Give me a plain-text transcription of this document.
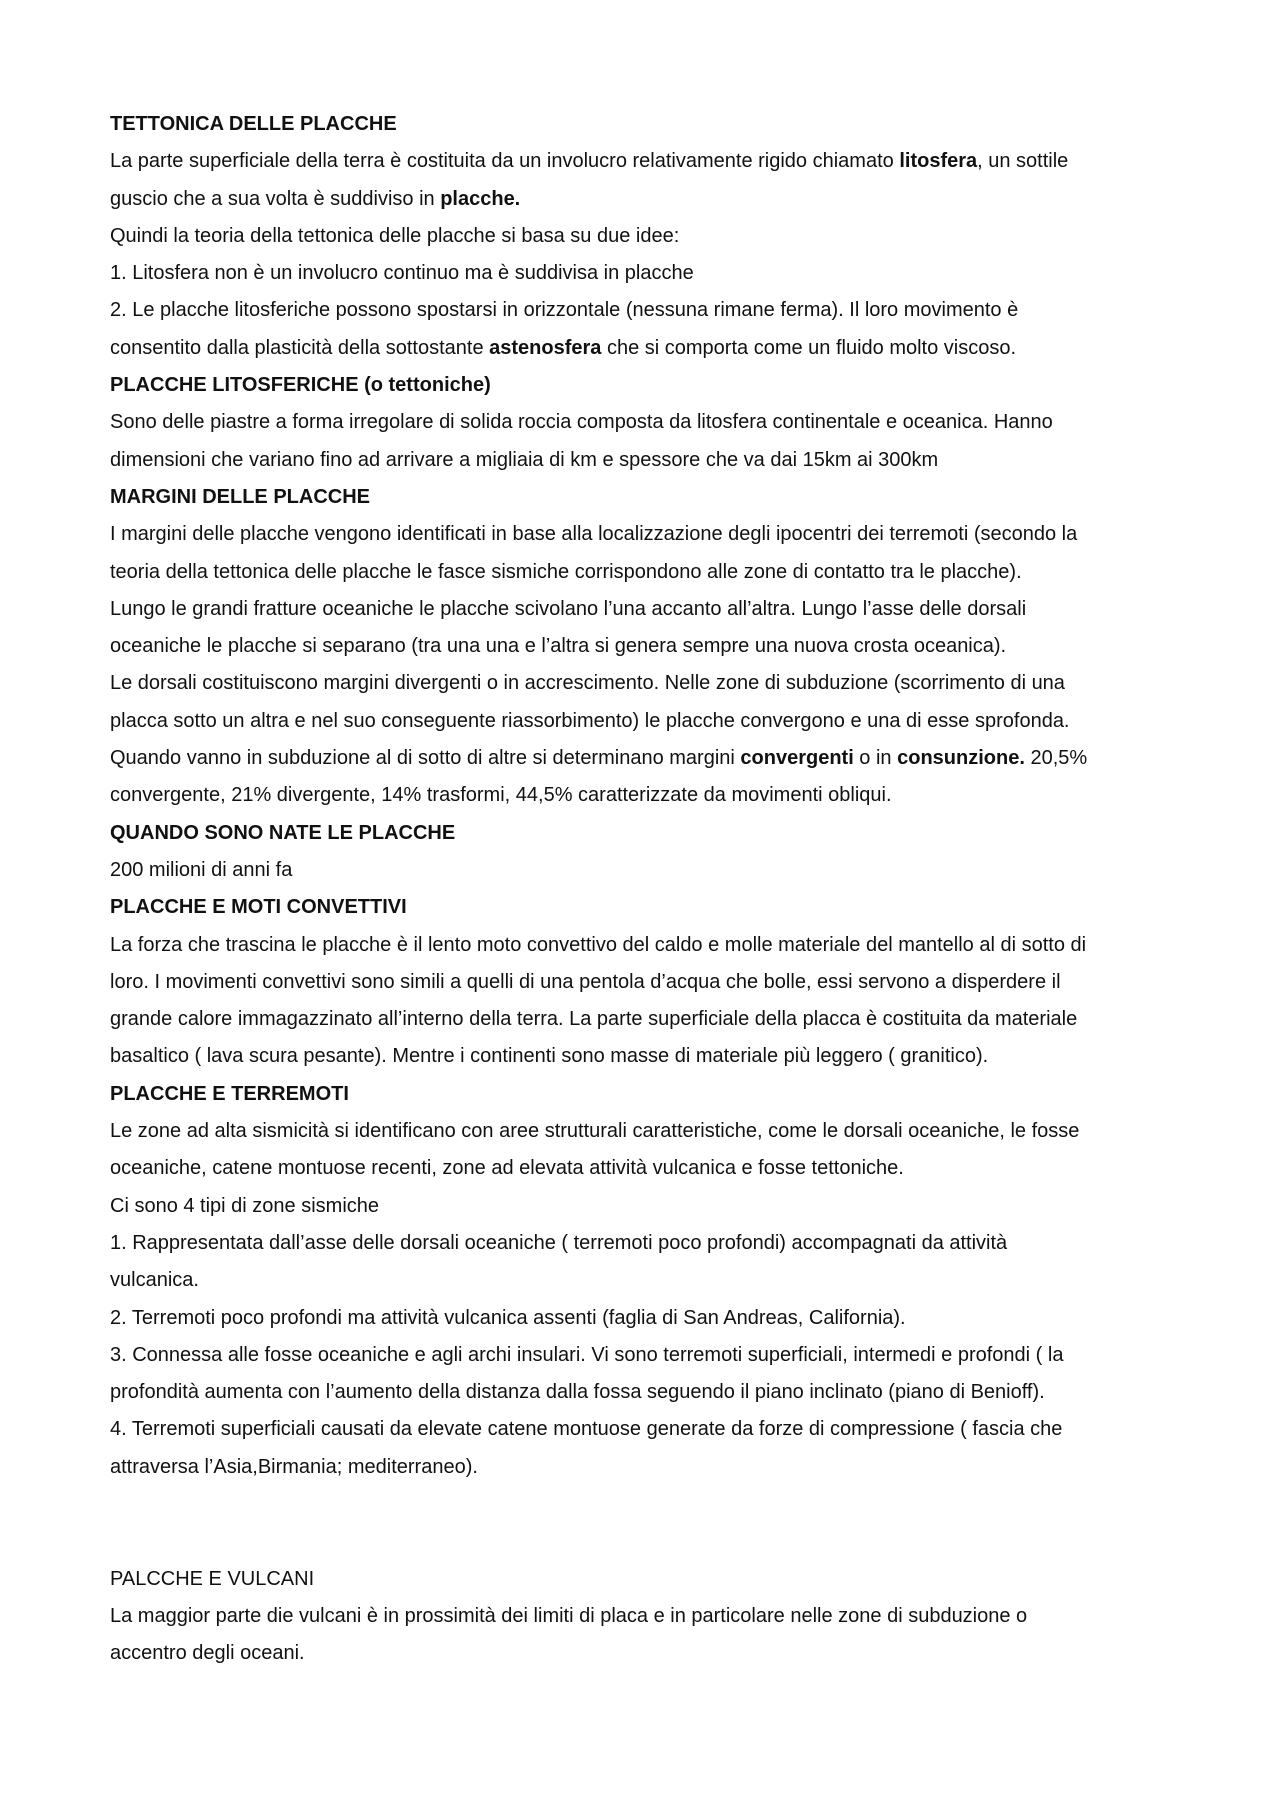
TETTONICA DELLE PLACCHE
La parte superficiale della terra è costituita da un involucro relativamente rigido chiamato litosfera, un sottile
guscio che a sua volta è suddiviso in placche.
Quindi la teoria della tettonica delle placche si basa su due idee:
1. Litosfera non è un involucro continuo ma è suddivisa in placche
2. Le placche litosferiche possono spostarsi in orizzontale (nessuna rimane ferma). Il loro movimento è
consentito dalla plasticità della sottostante astenosfera che si comporta come un fluido molto viscoso.
PLACCHE LITOSFERICHE (o tettoniche)
Sono delle piastre a forma irregolare di solida roccia composta da litosfera continentale e oceanica. Hanno
dimensioni che variano fino ad arrivare a migliaia di km e spessore che va dai 15km ai 300km
MARGINI DELLE PLACCHE
I margini delle placche vengono identificati in base alla localizzazione degli ipocentri dei terremoti (secondo la
teoria della tettonica delle placche le fasce sismiche corrispondono alle zone di contatto tra le placche).
Lungo le grandi fratture oceaniche le placche scivolano l’una accanto all’altra. Lungo l’asse delle dorsali
oceaniche le placche si separano (tra una una e l’altra si genera sempre una nuova crosta oceanica).
Le dorsali costituiscono margini divergenti o in accrescimento. Nelle zone di subduzione (scorrimento di una
placca sotto un altra e nel suo conseguente riassorbimento) le placche convergono e una di esse sprofonda.
Quando vanno in subduzione al di sotto di altre si determinano margini convergenti o in consunzione. 20,5%
convergente, 21% divergente, 14% trasformi, 44,5% caratterizzate da movimenti obliqui.
QUANDO SONO NATE LE PLACCHE
200 milioni di anni fa
PLACCHE E MOTI CONVETTIVI
La forza che trascina le placche è il lento moto convettivo del caldo e molle materiale del mantello al di sotto di
loro. I movimenti convettivi sono simili a quelli di una pentola d’acqua che bolle, essi servono a disperdere il
grande calore immagazzinato all’interno della terra. La parte superficiale della placca è costituita da materiale
basaltico ( lava scura pesante). Mentre i continenti sono masse di materiale più leggero ( granitico).
PLACCHE E TERREMOTI
Le zone ad alta sismicità si identificano con aree strutturali caratteristiche, come le dorsali oceaniche, le fosse
oceaniche, catene montuose recenti, zone ad elevata attività vulcanica e fosse tettoniche.
Ci sono 4 tipi di zone sismiche
1. Rappresentata dall’asse delle dorsali oceaniche ( terremoti poco profondi) accompagnati da attività
vulcanica.
2. Terremoti poco profondi ma attività vulcanica assenti (faglia di San Andreas, California).
3. Connessa alle fosse oceaniche e agli archi insulari. Vi sono terremoti superficiali, intermedi e profondi ( la
profondità aumenta con l’aumento della distanza dalla fossa seguendo il piano inclinato (piano di Benioff).
4. Terremoti superficiali causati da elevate catene montuose generate da forze di compressione ( fascia che
attraversa l’Asia,Birmania; mediterraneo).
PALCCHE E VULCANI
La maggior parte die vulcani è in prossimità dei limiti di placa e in particolare nelle zone di subduzione o
accentro degli oceani.
